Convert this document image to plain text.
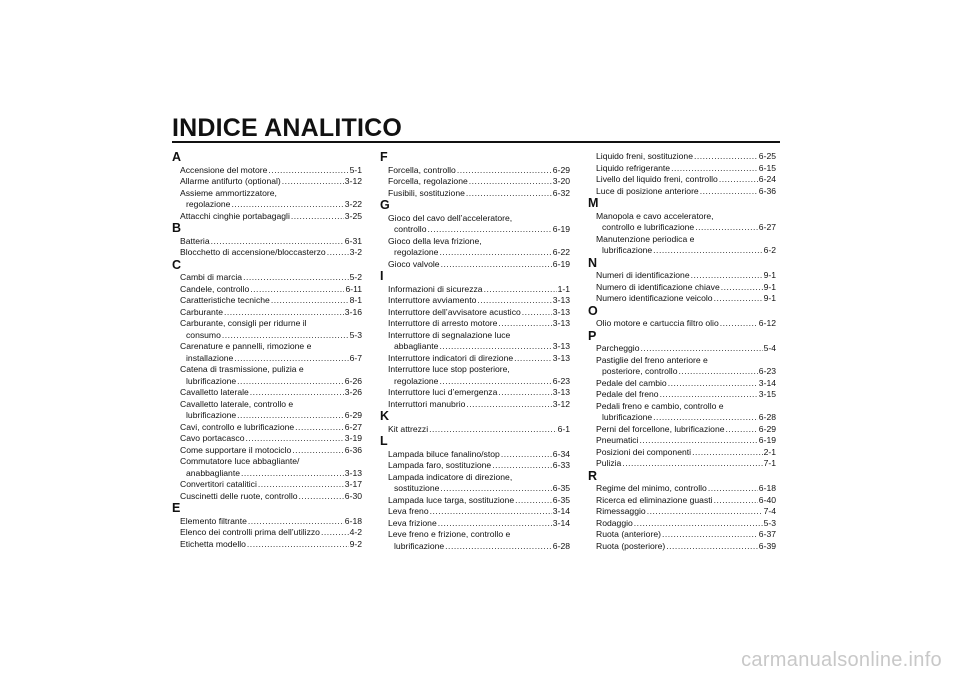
INDICE ANALITICO
A
Accensione del motore .....	5-1
Allarme antifurto (optional) .....	3-12
Assieme ammortizzatore,
regolazione .....	3-22
Attacchi cinghie portabagagli .....	3-25
B
Batteria .....	6-31
Blocchetto di accensione/bloccasterzo .....	3-2
C
Cambi di marcia .....	5-2
Candele, controllo .....	6-11
Caratteristiche tecniche .....	8-1
Carburante .....	3-16
Carburante, consigli per ridurne il
consumo .....	5-3
Carenature e pannelli, rimozione e
installazione .....	6-7
Catena di trasmissione, pulizia e
lubrificazione .....	6-26
Cavalletto laterale .....	3-26
Cavalletto laterale, controllo e
lubrificazione .....	6-29
Cavi, controllo e lubrificazione .....	6-27
Cavo portacasco .....	3-19
Come supportare il motociclo .....	6-36
Commutatore luce abbagliante/
anabbagliante .....	3-13
Convertitori catalitici .....	3-17
Cuscinetti delle ruote, controllo .....	6-30
E
Elemento filtrante .....	6-18
Elenco dei controlli prima dell’utilizzo .....	4-2
Etichetta modello .....	9-2
F
Forcella, controllo .....	6-29
Forcella, regolazione .....	3-20
Fusibili, sostituzione .....	6-32
G
Gioco del cavo dell’acceleratore,
controllo .....	6-19
Gioco della leva frizione,
regolazione .....	6-22
Gioco valvole .....	6-19
I
Informazioni di sicurezza .....	1-1
Interruttore avviamento .....	3-13
Interruttore dell’avvisatore acustico .....	3-13
Interruttore di arresto motore .....	3-13
Interruttore di segnalazione luce
abbagliante .....	3-13
Interruttore indicatori di direzione .....	3-13
Interruttore luce stop posteriore,
regolazione .....	6-23
Interruttore luci d’emergenza .....	3-13
Interruttori manubrio .....	3-12
K
Kit attrezzi .....	6-1
L
Lampada biluce fanalino/stop .....	6-34
Lampada faro, sostituzione .....	6-33
Lampada indicatore di direzione,
sostituzione .....	6-35
Lampada luce targa, sostituzione .....	6-35
Leva freno .....	3-14
Leva frizione .....	3-14
Leve freno e frizione, controllo e
lubrificazione .....	6-28
Liquido freni, sostituzione .....	6-25
Liquido refrigerante .....	6-15
Livello del liquido freni, controllo .....	6-24
Luce di posizione anteriore .....	6-36
M
Manopola e cavo acceleratore,
controllo e lubrificazione .....	6-27
Manutenzione periodica e
lubrificazione .....	6-2
N
Numeri di identificazione .....	9-1
Numero di identificazione chiave .....	9-1
Numero identificazione veicolo .....	9-1
O
Olio motore e cartuccia filtro olio .....	6-12
P
Parcheggio .....	5-4
Pastiglie del freno anteriore e
posteriore, controllo .....	6-23
Pedale del cambio .....	3-14
Pedale del freno .....	3-15
Pedali freno e cambio, controllo e
lubrificazione .....	6-28
Perni del forcellone, lubrificazione .....	6-29
Pneumatici .....	6-19
Posizioni dei componenti .....	2-1
Pulizia .....	7-1
R
Regime del minimo, controllo .....	6-18
Ricerca ed eliminazione guasti .....	6-40
Rimessaggio .....	7-4
Rodaggio .....	5-3
Ruota (anteriore) .....	6-37
Ruota (posteriore) .....	6-39
carmanualsonline.info
